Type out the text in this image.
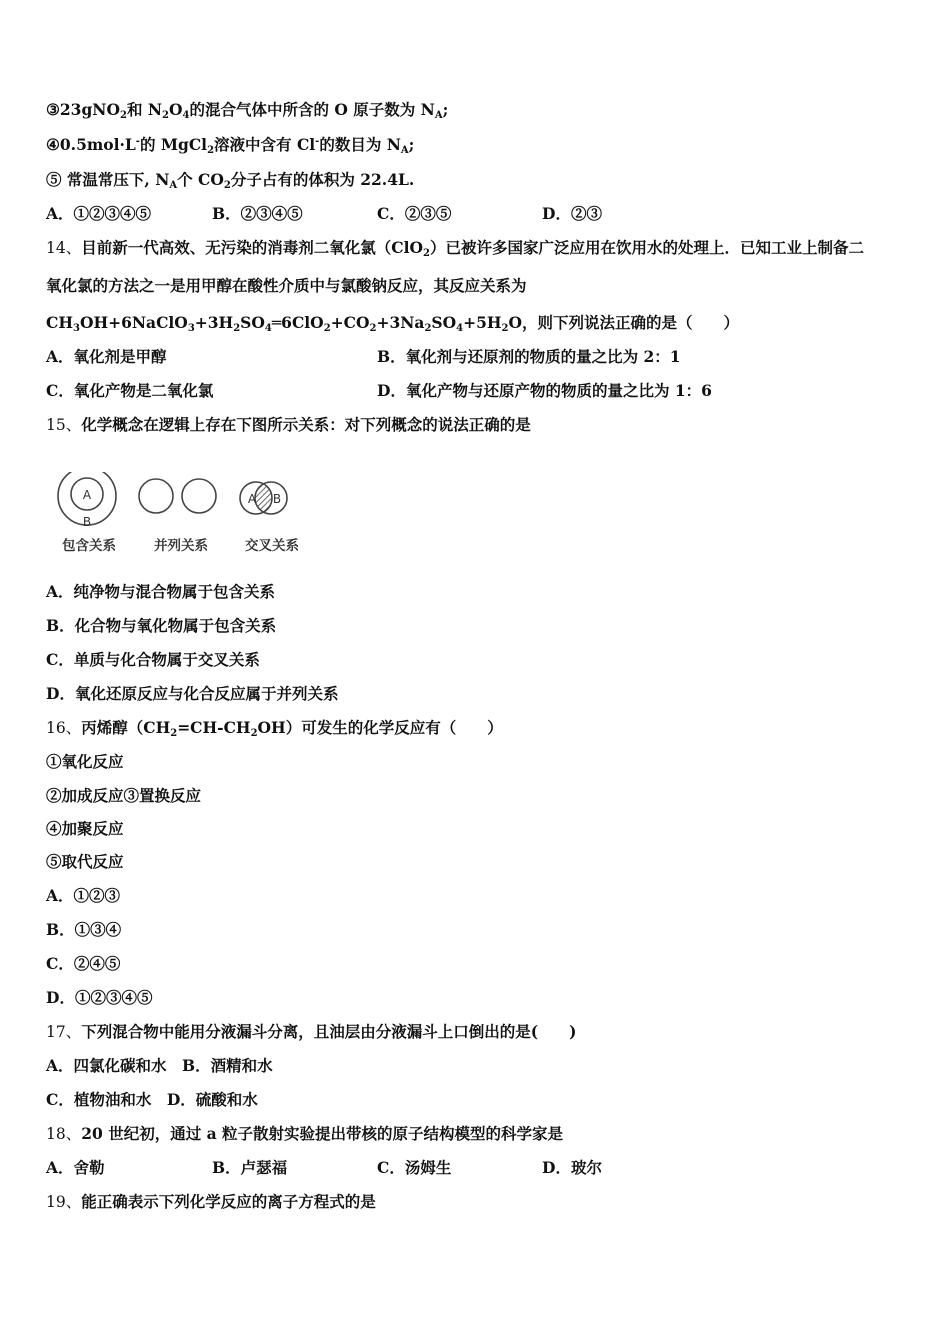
③23gNO$_2$和 $N_2O_4$的混合气体中所含的 O 原子数为 $N_A$;
④0.5mol·L-的 MgCl$_2$溶液中含有 Cl-的数目为 $N_A$;
⑤ 常温常压下, $N_A$个 $CO_2$分子占有的体积为 22.4L.
A．①②③④⑤	B．②③④⑤	C．②③⑤	D．②③
14、目前新一代高效、无污染的消毒剂二氧化氯（ClO$_2$）已被许多国家广泛应用在饮用水的处理上．已知工业上制备二
氧化氯的方法之一是用甲醇在酸性介质中与氯酸钠反应，其反应关系为
$CH_3OH+6NaClO_3+3H_2SO_4═6ClO_2+CO_2+3Na_2SO_4+5H_2O$，则下列说法正确的是（　　）
A．氧化剂是甲醇	B．氧化剂与还原剂的物质的量之比为 2：1
C．氧化产物是二氧化氯	D．氧化产物与还原产物的物质的量之比为 1：6
15、化学概念在逻辑上存在下图所示关系：对下列概念的说法正确的是
A
B
A B
包含关系	并列关系	交叉关系
A．纯净物与混合物属于包含关系
B．化合物与氧化物属于包含关系
C．单质与化合物属于交叉关系
D．氧化还原反应与化合反应属于并列关系
16、丙烯醇$(CH_2=CH-CH_2OH)$可发生的化学反应有（　　）
①氧化反应
②加成反应③置换反应
④加聚反应
⑤取代反应
A．①②③
B．①③④
C．②④⑤
D．①②③④⑤
17、下列混合物中能用分液漏斗分离，且油层由分液漏斗上口倒出的是(　　)
A．四氯化碳和水　B．酒精和水
C．植物油和水　D．硫酸和水
18、20 世纪初，通过 a 粒子散射实验提出带核的原子结构模型的科学家是
A．舍勒	B．卢瑟福	C．汤姆生	D．玻尔
19、能正确表示下列化学反应的离子方程式的是
